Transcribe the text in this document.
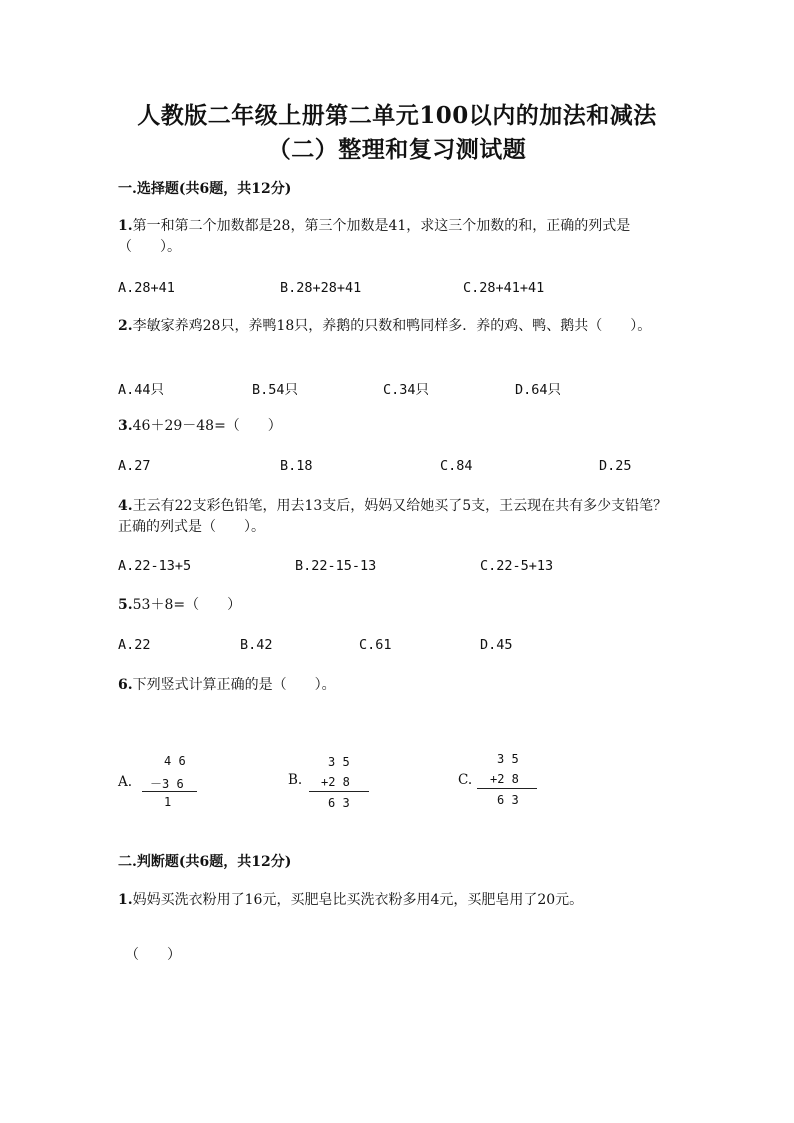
人教版二年级上册第二单元100以内的加法和减法
（二）整理和复习测试题
一.选择题(共6题，共12分)
1.第一和第二个加数都是28，第三个加数是41，求这三个加数的和，正确的列式是（　　）。
A.28+41	B.28+28+41	C.28+41+41
2.李敏家养鸡28只，养鸭18只，养鹅的只数和鸭同样多．养的鸡、鸭、鹅共（　　）。
A.44只	B.54只	C.34只	D.64只
3.46＋29－48=（　　）
A.27	B.18	C.84	D.25
4.王云有22支彩色铅笔，用去13支后，妈妈又给她买了5支，王云现在共有多少支铅笔？正确的列式是（　　）。
A.22-13+5	B.22-15-13	C.22-5+13
5.53＋8=（　　）
A.22	B.42	C.61	D.45
6.下列竖式计算正确的是（　　）。
A.
4 6
－3 6
1
B.
3 5
+2 8
6 3
C.
3 5
+2 8
6 3
二.判断题(共6题，共12分)
1.妈妈买洗衣粉用了16元，买肥皂比买洗衣粉多用4元，买肥皂用了20元。
（　　）
